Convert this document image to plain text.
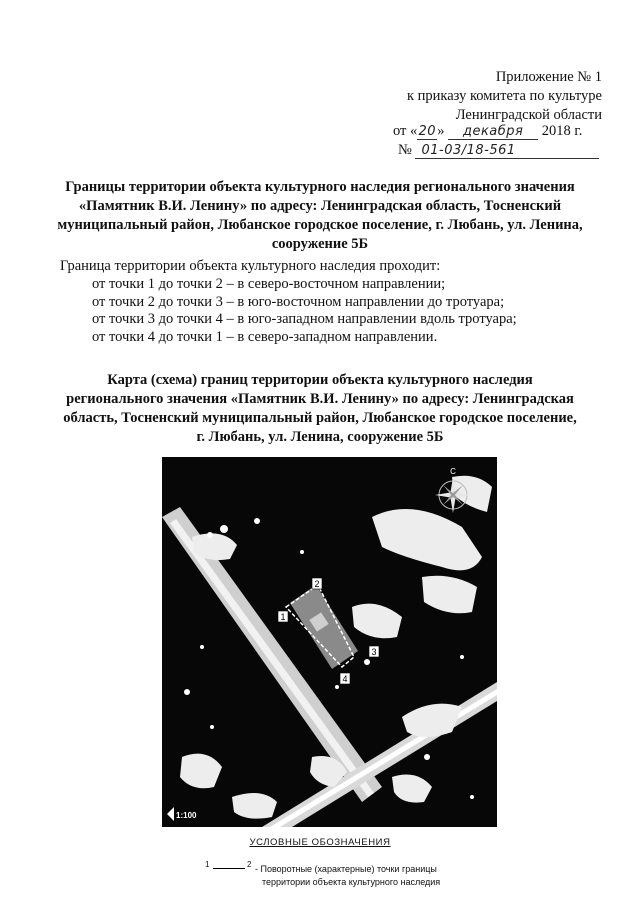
Приложение № 1
к приказу комитета по культуре
Ленинградской области
от «20» декабря 2018 г.
№ 01-03/18-561
Границы территории объекта культурного наследия регионального значения
«Памятник В.И. Ленину» по адресу: Ленинградская область, Тосненский
муниципальный район, Любанское городское поселение, г. Любань, ул. Ленина,
сооружение 5Б
Граница территории объекта культурного наследия проходит:
от точки 1 до точки 2 – в северо-восточном направлении;
от точки 2 до точки 3 – в юго-восточном направлении до тротуара;
от точки 3 до точки 4 – в юго-западном направлении вдоль тротуара;
от точки 4 до точки 1 – в северо-западном направлении.
Карта (схема) границ территории объекта культурного наследия
регионального значения «Памятник В.И. Ленину» по адресу: Ленинградская
область, Тосненский муниципальный район, Любанское городское поселение,
г. Любань, ул. Ленина, сооружение 5Б
1
2
3
4
С
1:100
УСЛОВНЫЕ ОБОЗНАЧЕНИЯ
1	2 - Поворотные (характерные) точки границы
территории объекта культурного наследия
